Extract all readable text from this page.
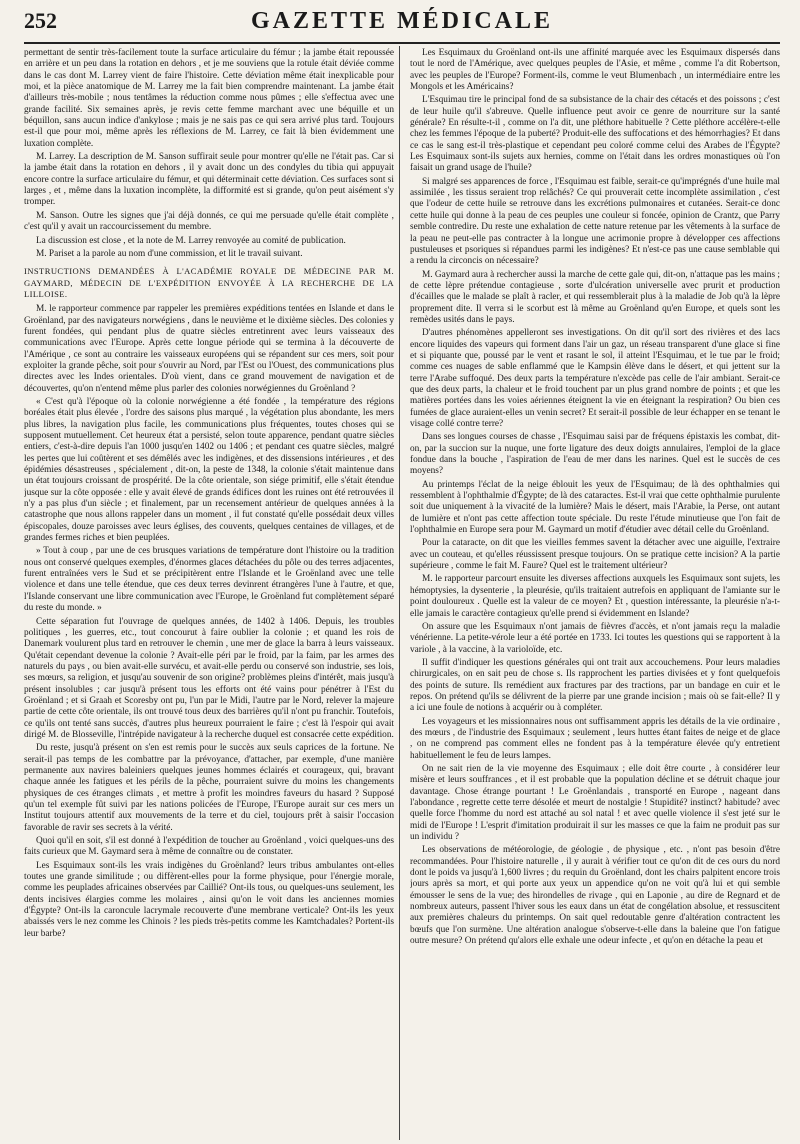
252	GAZETTE MÉDICALE

permettant de sentir très-facilement toute la surface articulaire du fémur ; la jambe était repoussée en arrière et un peu dans la rotation en dehors , et je me souviens que la rotule était déviée comme dans le cas dont M. Larrey vient de faire l'histoire. Cette déviation même était inexplicable pour moi, et la pièce anatomique de M. Larrey me la fait bien comprendre maintenant. La jambe était d'ailleurs très-mobile ; nous tentâmes la réduction comme nous pûmes ; elle s'effectua avec une grande facilité. Six semaines après, je revis cette femme marchant avec une béquille et un béquillon, sans aucun indice d'ankylose ; mais je ne sais pas ce qui sera arrivé plus tard. Toujours est-il que pour moi, même après les réflexions de M. Larrey, ce fait là bien évidemment une luxation complète.

M. Larrey. La description de M. Sanson suffirait seule pour montrer qu'elle ne l'était pas. Car si la jambe était dans la rotation en dehors , il y avait donc un des condyles du tibia qui appuyait encore contre la surface articulaire du fémur, et qui déterminait cette déviation. Ces surfaces sont si larges , et , même dans la luxation incomplète, la difformité est si grande, qu'on peut aisément s'y tromper.

M. Sanson. Outre les signes que j'ai déjà donnés, ce qui me persuade qu'elle était complète , c'est qu'il y avait un raccourcissement du membre.

La discussion est close , et la note de M. Larrey renvoyée au comité de publication.

M. Pariset a la parole au nom d'une commission, et lit le travail suivant.

INSTRUCTIONS DEMANDÉES À L'ACADÉMIE ROYALE DE MÉDECINE PAR M. GAYMARD, MÉDECIN DE L'EXPÉDITION ENVOYÉE À LA RECHERCHE DE LA LILLOISE.

M. le rapporteur commence par rappeler les premières expéditions tentées en Islande et dans le Groënland, par des navigateurs norwégiens , dans le neuvième et le dixième siècles. Des colonies y furent fondées, qui pendant plus de quatre siècles entretinrent avec leurs vaisseaux des communications avec l'Europe. Après cette longue période qui se termina à la découverte de l'Amérique , ce sont au contraire les vaisseaux européens qui se répandent sur ces mers, soit pour exploiter la grande pêche, soit pour s'ouvrir au Nord, par l'Est ou l'Ouest, des communications plus directes avec les Indes orientales. D'où vient, dans ce grand mouvement de navigation et de découvertes, qu'on n'entend même plus parler des colonies norwégiennes du Groënland ?

« C'est qu'à l'époque où la colonie norwégienne a été fondée , la température des régions boréales était plus élevée , l'ordre des saisons plus marqué , la végétation plus abondante, les mers plus libres, la navigation plus facile, les communications plus fréquentes, toutes choses qui se supposent mutuellement. Cet heureux état a persisté, selon toute apparence, pendant quatre siècles entiers, c'est-à-dire depuis l'an 1000 jusqu'en 1402 ou 1406 ; et pendant ces quatre siècles, malgré les pertes que lui coûtèrent et ses démêlés avec les indigènes, et des dissensions intérieures , et des épidémies désastreuses , spécialement , dit-on, la peste de 1348, la colonie s'était maintenue dans un état toujours croissant de prospérité. De la côte orientale, son siége primitif, elle s'était étendue jusque sur la côte opposée : elle y avait élevé de grands édifices dont les ruines ont été retrouvées il n'y a pas plus d'un siècle ; et finalement, par un recensement antérieur de quelques années à la catastrophe que nous allons rappeler dans un moment , il fut constaté qu'elle possédait deux villes épiscopales, douze paroisses avec leurs églises, des couvents, quelques centaines de villages, et de grandes fermes riches et bien peuplées.

» Tout à coup , par une de ces brusques variations de température dont l'histoire ou la tradition nous ont conservé quelques exemples, d'énormes glaces détachées du pôle ou des terres adjacentes, furent entraînées vers le Sud et se précipitèrent entre l'Islande et le Groënland avec une telle violence et dans une telle étendue, que ces deux terres devinrent étrangères l'une à l'autre, et que, l'Islande conservant une libre communication avec l'Europe, le Groënland fut complètement séparé du reste du monde. »

Cette séparation fut l'ouvrage de quelques années, de 1402 à 1406. Depuis, les troubles politiques , les guerres, etc., tout concourut à faire oublier la colonie ; et quand les rois de Danemark voulurent plus tard en retrouver le chemin , une mer de glace la barra à leurs vaisseaux. Qu'était cependant devenue la colonie ? Avait-elle péri par le froid, par la faim, par les armes des naturels du pays , ou bien avait-elle survécu, et avait-elle perdu ou conservé son industrie, ses lois, ses mœurs, sa religion, et jusqu'au souvenir de son origine? problèmes pleins d'intérêt, mais jusqu'à présent insolubles ; car jusqu'à présent tous les efforts ont été vains pour pénétrer à l'Est du Groënland ; et si Graah et Scoresby ont pu, l'un par le Midi, l'autre par le Nord, relever la majeure partie de cette côte orientale, ils ont trouvé tous deux des barrières qu'il n'ont pu franchir. Toutefois, ce qu'ils ont tenté sans succès, d'autres plus heureux pourraient le faire ; c'est là l'espoir qui avait dirigé M. de Blosseville, l'intrépide navigateur à la recherche duquel est consacrée cette expédition.

Du reste, jusqu'à présent on s'en est remis pour le succès aux seuls caprices de la fortune. Ne serait-il pas temps de les combattre par la prévoyance, d'attacher, par exemple, d'une manière permanente aux navires baleiniers quelques jeunes hommes éclairés et courageux, qui, bravant chaque année les fatigues et les périls de la pêche, pourraient suivre du moins les changements physiques de ces étranges climats , et mettre à profit les moindres faveurs du hasard ? Supposé qu'un tel exemple fût suivi par les nations policées de l'Europe, l'Europe aurait sur ces mers un Institut toujours attentif aux mouvements de la terre et du ciel, toujours prêt à saisir l'occasion favorable de ravir ses secrets à la vérité.

Quoi qu'il en soit, s'il est donné à l'expédition de toucher au Groënland , voici quelques-uns des faits curieux que M. Gaymard sera à même de connaître ou de constater.

Les Esquimaux sont-ils les vrais indigènes du Groënland? leurs tribus ambulantes ont-elles toutes une grande similitude ; ou diffèrent-elles pour la forme physique, pour l'énergie morale, comme les peuplades africaines observées par Caillié? Ont-ils tous, ou quelques-uns seulement, les dents incisives élargies comme les molaires , ainsi qu'on le voit dans les anciennes momies d'Égypte? Ont-ils la caroncule lacrymale recouverte d'une membrane verticale? Ont-ils les yeux abaissés vers le nez comme les Chinois ? les pieds très-petits comme les Kamtchadales? Portent-ils leur barbe?

Les Esquimaux du Groënland ont-ils une affinité marquée avec les Esquimaux dispersés dans tout le nord de l'Amérique, avec quelques peuples de l'Asie, et même , comme l'a dit Robertson, avec les peuples de l'Europe? Forment-ils, comme le veut Blumenbach , un intermédiaire entre les Mongols et les Américains?

L'Esquimau tire le principal fond de sa subsistance de la chair des cétacés et des poissons ; c'est de leur huile qu'il s'abreuve. Quelle influence peut avoir ce genre de nourriture sur la santé générale? En résulte-t-il , comme on l'a dit, une pléthore habituelle ? Cette pléthore accélère-t-elle chez les femmes l'époque de la puberté? Produit-elle des suffocations et des hémorrhagies? Et dans ce cas le sang est-il très-plastique et cependant peu coloré comme celui des Arabes de l'Égypte? Les Esquimaux sont-ils sujets aux hernies, comme on l'était dans les ordres monastiques où l'on faisait un grand usage de l'huile?

Si malgré ses apparences de force , l'Esquimau est faible, serait-ce qu'imprégnés d'une huile mal assimilée , les tissus seraient trop relâchés? Ce qui prouverait cette incomplète assimilation , c'est que l'odeur de cette huile se retrouve dans les excrétions pulmonaires et cutanées. Serait-ce donc cette huile qui donne à la peau de ces peuples une couleur si foncée, opinion de Crantz, que Parry semble contredire. Du reste une exhalation de cette nature retenue par les vêtements à la surface de la peau ne peut-elle pas contracter à la longue une acrimonie propre à développer ces affections pustuleuses et psoriques si répandues parmi les indigènes? Et n'est-ce pas une cause semblable qui a rendu la circoncis on nécessaire?

M. Gaymard aura à rechercher aussi la marche de cette gale qui, dit-on, n'attaque pas les mains ; de cette lèpre prétendue contagieuse , sorte d'ulcération universelle avec prurit et production d'écailles que le malade se plaît à racler, et qui ressemblerait plus à la maladie de Job qu'à la lèpre proprement dite. Il verra si le scorbut est là même au Groënland qu'en Europe, et quels sont les remèdes usités dans le pays.

D'autres phénomènes appelleront ses investigations. On dit qu'il sort des rivières et des lacs encore liquides des vapeurs qui forment dans l'air un gaz, un réseau transparent d'une glace si fine et si piquante que, poussé par le vent et rasant le sol, il atteint l'Esquimau, et le tue par le froid; comme ces nuages de sable enflammé que le Kampsin élève dans le désert, et qui jettent sur la terre l'Arabe suffoqué. Des deux parts la température n'excède pas celle de l'air ambiant. Serait-ce que des deux parts, la chaleur et le froid touchent par un plus grand nombre de points ; et que les matières portées dans les voies aériennes éteignent la vie en éteignant la respiration? Ou bien ces fumées de glace auraient-elles un venin secret? Et serait-il possible de leur échapper en se tenant le visage collé contre terre?

Dans ses longues courses de chasse , l'Esquimau saisi par de fréquens épistaxis les combat, dit-on, par la succion sur la nuque, une forte ligature des deux doigts annulaires, l'emploi de la glace fondue dans la bouche , l'aspiration de l'eau de mer dans les narines. Quel est le succès de ces moyens?

Au printemps l'éclat de la neige éblouit les yeux de l'Esquimau; de là des ophthalmies qui ressemblent à l'ophthalmie d'Égypte; de là des cataractes. Est-il vrai que cette ophthalmie purulente soit due uniquement à la vivacité de la lumière? Mais le désert, mais l'Arabie, la Perse, ont autant de lumière et n'ont pas cette affection toute spéciale. Du reste l'étude minutieuse que l'on fait de l'ophthalmie en Europe sera pour M. Gaymard un motif d'étudier avec détail celle du Groënland.

Pour la cataracte, on dit que les vieilles femmes savent la détacher avec une aiguille, l'extraire avec un couteau, et qu'elles réussissent presque toujours. On se pratique cette incision? A la partie supérieure , comme le fait M. Faure? Quel est le traitement ultérieur?

M. le rapporteur parcourt ensuite les diverses affections auxquels les Esquimaux sont sujets, les hémoptysies, la dysenterie , la pleurésie, qu'ils traitaient autrefois en appliquant de l'amiante sur le point douloureux . Quelle est la valeur de ce moyen? Et , question intéressante, la pleurésie n'a-t-elle jamais le caractère contagieux qu'elle prend si évidemment en Islande?

On assure que les Esquimaux n'ont jamais de fièvres d'accès, et n'ont jamais reçu la maladie vénérienne. La petite-vérole leur a été portée en 1733. Ici toutes les questions qui se rapportent à la variole , à la vaccine, à la varioloïde, etc.

Il suffit d'indiquer les questions générales qui ont trait aux accouchemens. Pour leurs maladies chirurgicales, on en sait peu de chose s. Ils rapprochent les parties divisées et y font quelquefois des points de suture. Ils remédient aux fractures par des tractions, par un bandage en cuir et le repos. On prétend qu'ils se délivrent de la pierre par une grande incision ; mais où se fait-elle? Il y a ici une foule de notions à acquérir ou à compléter.

Les voyageurs et les missionnaires nous ont suffisamment appris les détails de la vie ordinaire , des mœurs , de l'industrie des Esquimaux ; seulement , leurs huttes étant faites de neige et de glace , on ne comprend pas comment elles ne fondent pas à la température élevée qu'y entretient habituellement le feu de leurs lampes.

On ne sait rien de la vie moyenne des Esquimaux ; elle doit être courte , à considérer leur misère et leurs souffrances , et il est probable que la population décline et se détruit chaque jour davantage. Chose étrange pourtant ! Le Groënlandais , transporté en Europe , nageant dans l'abondance , regrette cette terre désolée et meurt de nostalgie ! Stupidité? instinct? habitude? avec quelle force l'homme du nord est attaché au sol natal ! et avec quelle violence il s'est jeté sur le midi de l'Europe ! L'esprit d'imitation produirait il sur les masses ce que la faim ne produit pas sur un individu ?

Les observations de météorologie, de géologie , de physique , etc. , n'ont pas besoin d'être recommandées. Pour l'histoire naturelle , il y aurait à vérifier tout ce qu'on dit de ces ours du nord dont le poids va jusqu'à 1,600 livres ; du requin du Groënland, dont les chairs palpitent encore trois jours après sa mort, et qui porte aux yeux un appendice qu'on ne voit qu'à lui et qui semble émousser le sens de la vue; des hirondelles de rivage , qui en Laponie , au dire de Regnard et de nombreux auteurs, passent l'hiver sous les eaux dans un état de congélation absolue, et ressuscitent aux premières chaleurs du printemps. On sait quel redoutable genre d'altération contractent les bœufs que l'on surmène. Une altération analogue s'observe-t-elle dans la baleine que l'on fatigue outre mesure? On prétend qu'alors elle exhale une odeur infecte , et qu'on en détache la peau et
